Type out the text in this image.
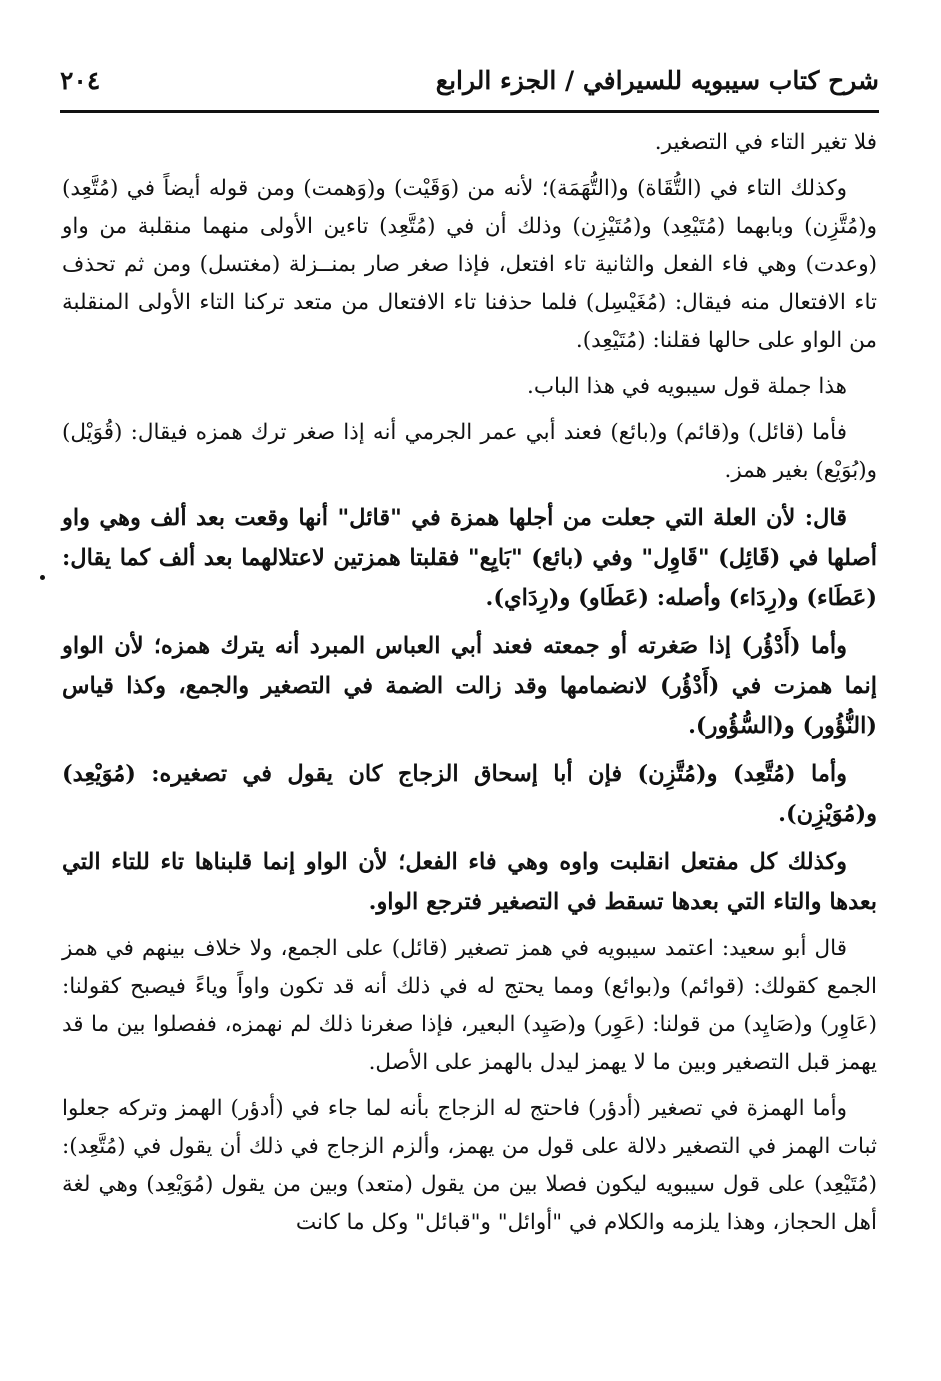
شرح كتاب سيبويه للسيرافي / الجزء الرابع
٢٠٤

فلا تغير التاء في التصغير.

وكذلك التاء في (التُّقَاة) و(التُّهَمَة)؛ لأنه من (وَقَيْت) و(وَهمت) ومن قوله أيضاً في (مُتَّعِد) و(مُتَّزِن) وبابهما (مُتَيْعِد) و(مُتَيْزِن) وذلك أن في (مُتَّعِد) تاءين الأولى منهما منقلبة من واو (وعدت) وهي فاء الفعل والثانية تاء افتعل، فإذا صغر صار بمنــزلة (مغتسل) ومن ثم تحذف تاء الافتعال منه فيقال: (مُغَيْسِل) فلما حذفنا تاء الافتعال من متعد تركنا التاء الأولى المنقلبة من الواو على حالها فقلنا: (مُتَيْعِد).

هذا جملة قول سيبويه في هذا الباب.

فأما (قائل) و(قائم) و(بائع) فعند أبي عمر الجرمي أنه إذا صغر ترك همزه فيقال: (قُوَيْل) و(بُوَيْع) بغير همز.

قال: لأن العلة التي جعلت من أجلها همزة في "قائل" أنها وقعت بعد ألف وهي واو أصلها في (قَائِل) "قَاوِل" وفي (بائع) "بَايِع" فقلبتا همزتين لاعتلالهما بعد ألف كما يقال: (عَطَاء) و(رِدَاء) وأصله: (عَطَاو) و(رِدَاي).

وأما (أَدْؤُر) إذا صَغرته أو جمعته فعند أبي العباس المبرد أنه يترك همزه؛ لأن الواو إنما همزت في (أَدْؤُر) لانضمامها وقد زالت الضمة في التصغير والجمع، وكذا قياس (النُّؤُور) و(السُّؤُور).

وأما (مُتَّعِد) و(مُتَّزِن) فإن أبا إسحاق الزجاج كان يقول في تصغيره: (مُوَيْعِد) و(مُوَيْزِن).

وكذلك كل مفتعل انقلبت واوه وهي فاء الفعل؛ لأن الواو إنما قلبناها تاء للتاء التي بعدها والتاء التي بعدها تسقط في التصغير فترجع الواو.

قال أبو سعيد: اعتمد سيبويه في همز تصغير (قائل) على الجمع، ولا خلاف بينهم في همز الجمع كقولك: (قوائم) و(بوائع) ومما يحتج له في ذلك أنه قد تكون واواً وياءً فيصبح كقولنا: (عَاوِر) و(صَايِد) من قولنا: (عَوِر) و(صَيِد) البعير، فإذا صغرنا ذلك لم نهمزه، ففصلوا بين ما قد يهمز قبل التصغير وبين ما لا يهمز ليدل بالهمز على الأصل.

وأما الهمزة في تصغير (أدؤر) فاحتج له الزجاج بأنه لما جاء في (أدؤر) الهمز وتركه جعلوا ثبات الهمز في التصغير دلالة على قول من يهمز، وألزم الزجاج في ذلك أن يقول في (مُتَّعِد): (مُتَيْعِد) على قول سيبويه ليكون فصلا بين من يقول (متعد) وبين من يقول (مُوَيْعِد) وهي لغة أهل الحجاز، وهذا يلزمه والكلام في "أوائل" و"قبائل" وكل ما كانت
